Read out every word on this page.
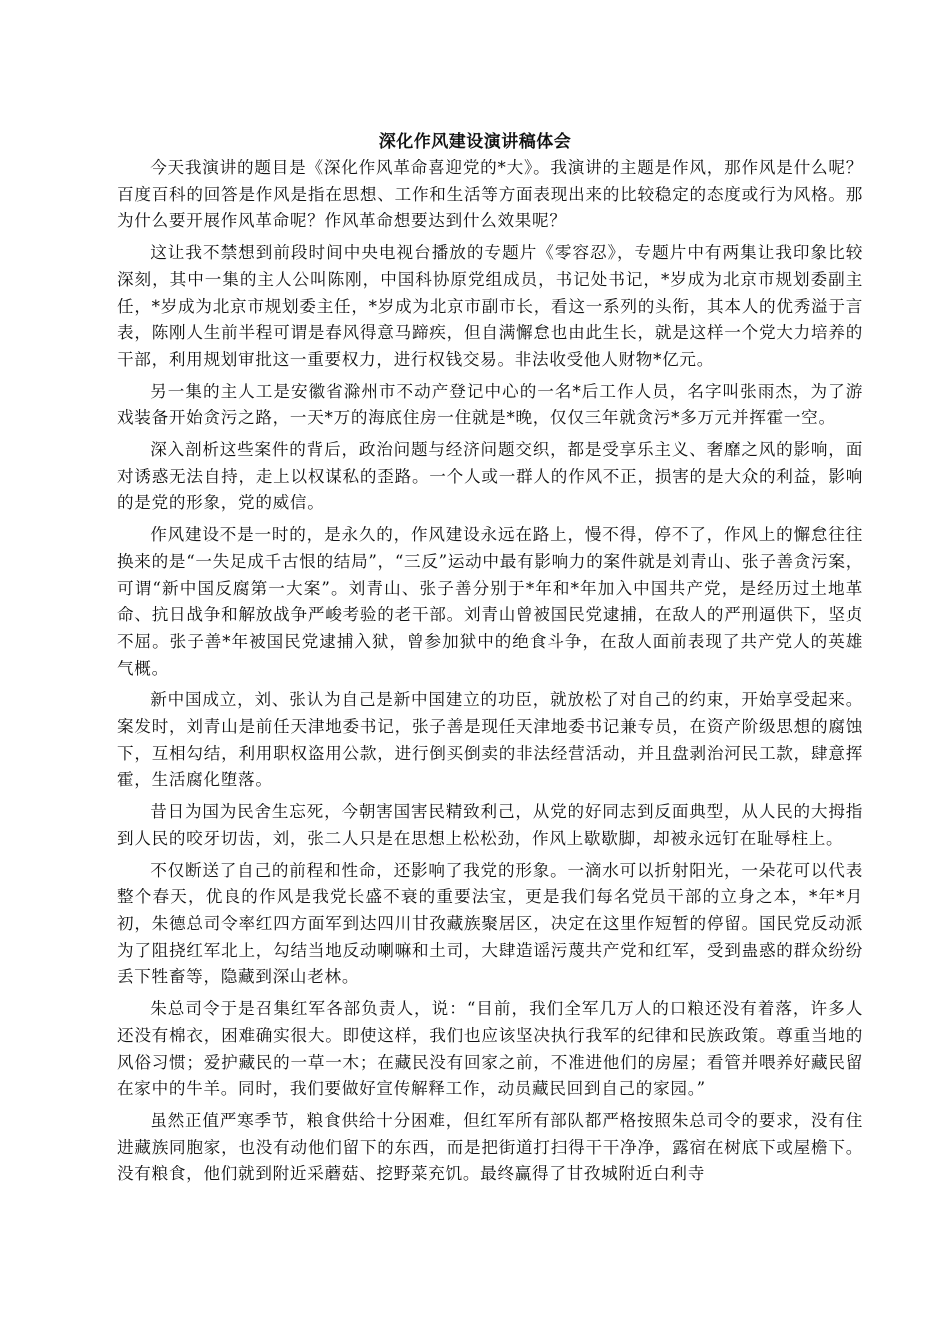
深化作风建设演讲稿体会

今天我演讲的题目是《深化作风革命喜迎党的*大》。我演讲的主题是作风，那作风是什么呢？百度百科的回答是作风是指在思想、工作和生活等方面表现出来的比较稳定的态度或行为风格。那为什么要开展作风革命呢？作风革命想要达到什么效果呢？

这让我不禁想到前段时间中央电视台播放的专题片《零容忍》，专题片中有两集让我印象比较深刻，其中一集的主人公叫陈刚，中国科协原党组成员，书记处书记，*岁成为北京市规划委副主任，*岁成为北京市规划委主任，*岁成为北京市副市长，看这一系列的头衔，其本人的优秀溢于言表，陈刚人生前半程可谓是春风得意马蹄疾，但自满懈怠也由此生长，就是这样一个党大力培养的干部，利用规划审批这一重要权力，进行权钱交易。非法收受他人财物*亿元。

另一集的主人工是安徽省滁州市不动产登记中心的一名*后工作人员，名字叫张雨杰，为了游戏装备开始贪污之路，一天*万的海底住房一住就是*晚，仅仅三年就贪污*多万元并挥霍一空。

深入剖析这些案件的背后，政治问题与经济问题交织，都是受享乐主义、奢靡之风的影响，面对诱惑无法自持，走上以权谋私的歪路。一个人或一群人的作风不正，损害的是大众的利益，影响的是党的形象，党的威信。

作风建设不是一时的，是永久的，作风建设永远在路上，慢不得，停不了，作风上的懈怠往往换来的是“一失足成千古恨的结局”，“三反”运动中最有影响力的案件就是刘青山、张子善贪污案，可谓“新中国反腐第一大案”。刘青山、张子善分别于*年和*年加入中国共产党，是经历过土地革命、抗日战争和解放战争严峻考验的老干部。刘青山曾被国民党逮捕，在敌人的严刑逼供下，坚贞不屈。张子善*年被国民党逮捕入狱，曾参加狱中的绝食斗争，在敌人面前表现了共产党人的英雄气概。

新中国成立，刘、张认为自己是新中国建立的功臣，就放松了对自己的约束，开始享受起来。案发时，刘青山是前任天津地委书记，张子善是现任天津地委书记兼专员，在资产阶级思想的腐蚀下，互相勾结，利用职权盗用公款，进行倒买倒卖的非法经营活动，并且盘剥治河民工款，肆意挥霍，生活腐化堕落。

昔日为国为民舍生忘死，今朝害国害民精致利己，从党的好同志到反面典型，从人民的大拇指到人民的咬牙切齿，刘，张二人只是在思想上松松劲，作风上歇歇脚，却被永远钉在耻辱柱上。

不仅断送了自己的前程和性命，还影响了我党的形象。一滴水可以折射阳光，一朵花可以代表整个春天，优良的作风是我党长盛不衰的重要法宝，更是我们每名党员干部的立身之本，*年*月初，朱德总司令率红四方面军到达四川甘孜藏族聚居区，决定在这里作短暂的停留。国民党反动派为了阻挠红军北上，勾结当地反动喇嘛和土司，大肆造谣污蔑共产党和红军，受到蛊惑的群众纷纷丢下牲畜等，隐藏到深山老林。

朱总司令于是召集红军各部负责人，说：“目前，我们全军几万人的口粮还没有着落，许多人还没有棉衣，困难确实很大。即使这样，我们也应该坚决执行我军的纪律和民族政策。尊重当地的风俗习惯；爱护藏民的一草一木；在藏民没有回家之前，不准进他们的房屋；看管并喂养好藏民留在家中的牛羊。同时，我们要做好宣传解释工作，动员藏民回到自己的家园。”

虽然正值严寒季节，粮食供给十分困难，但红军所有部队都严格按照朱总司令的要求，没有住进藏族同胞家，也没有动他们留下的东西，而是把街道打扫得干干净净，露宿在树底下或屋檐下。没有粮食，他们就到附近采蘑菇、挖野菜充饥。最终赢得了甘孜城附近白利寺
